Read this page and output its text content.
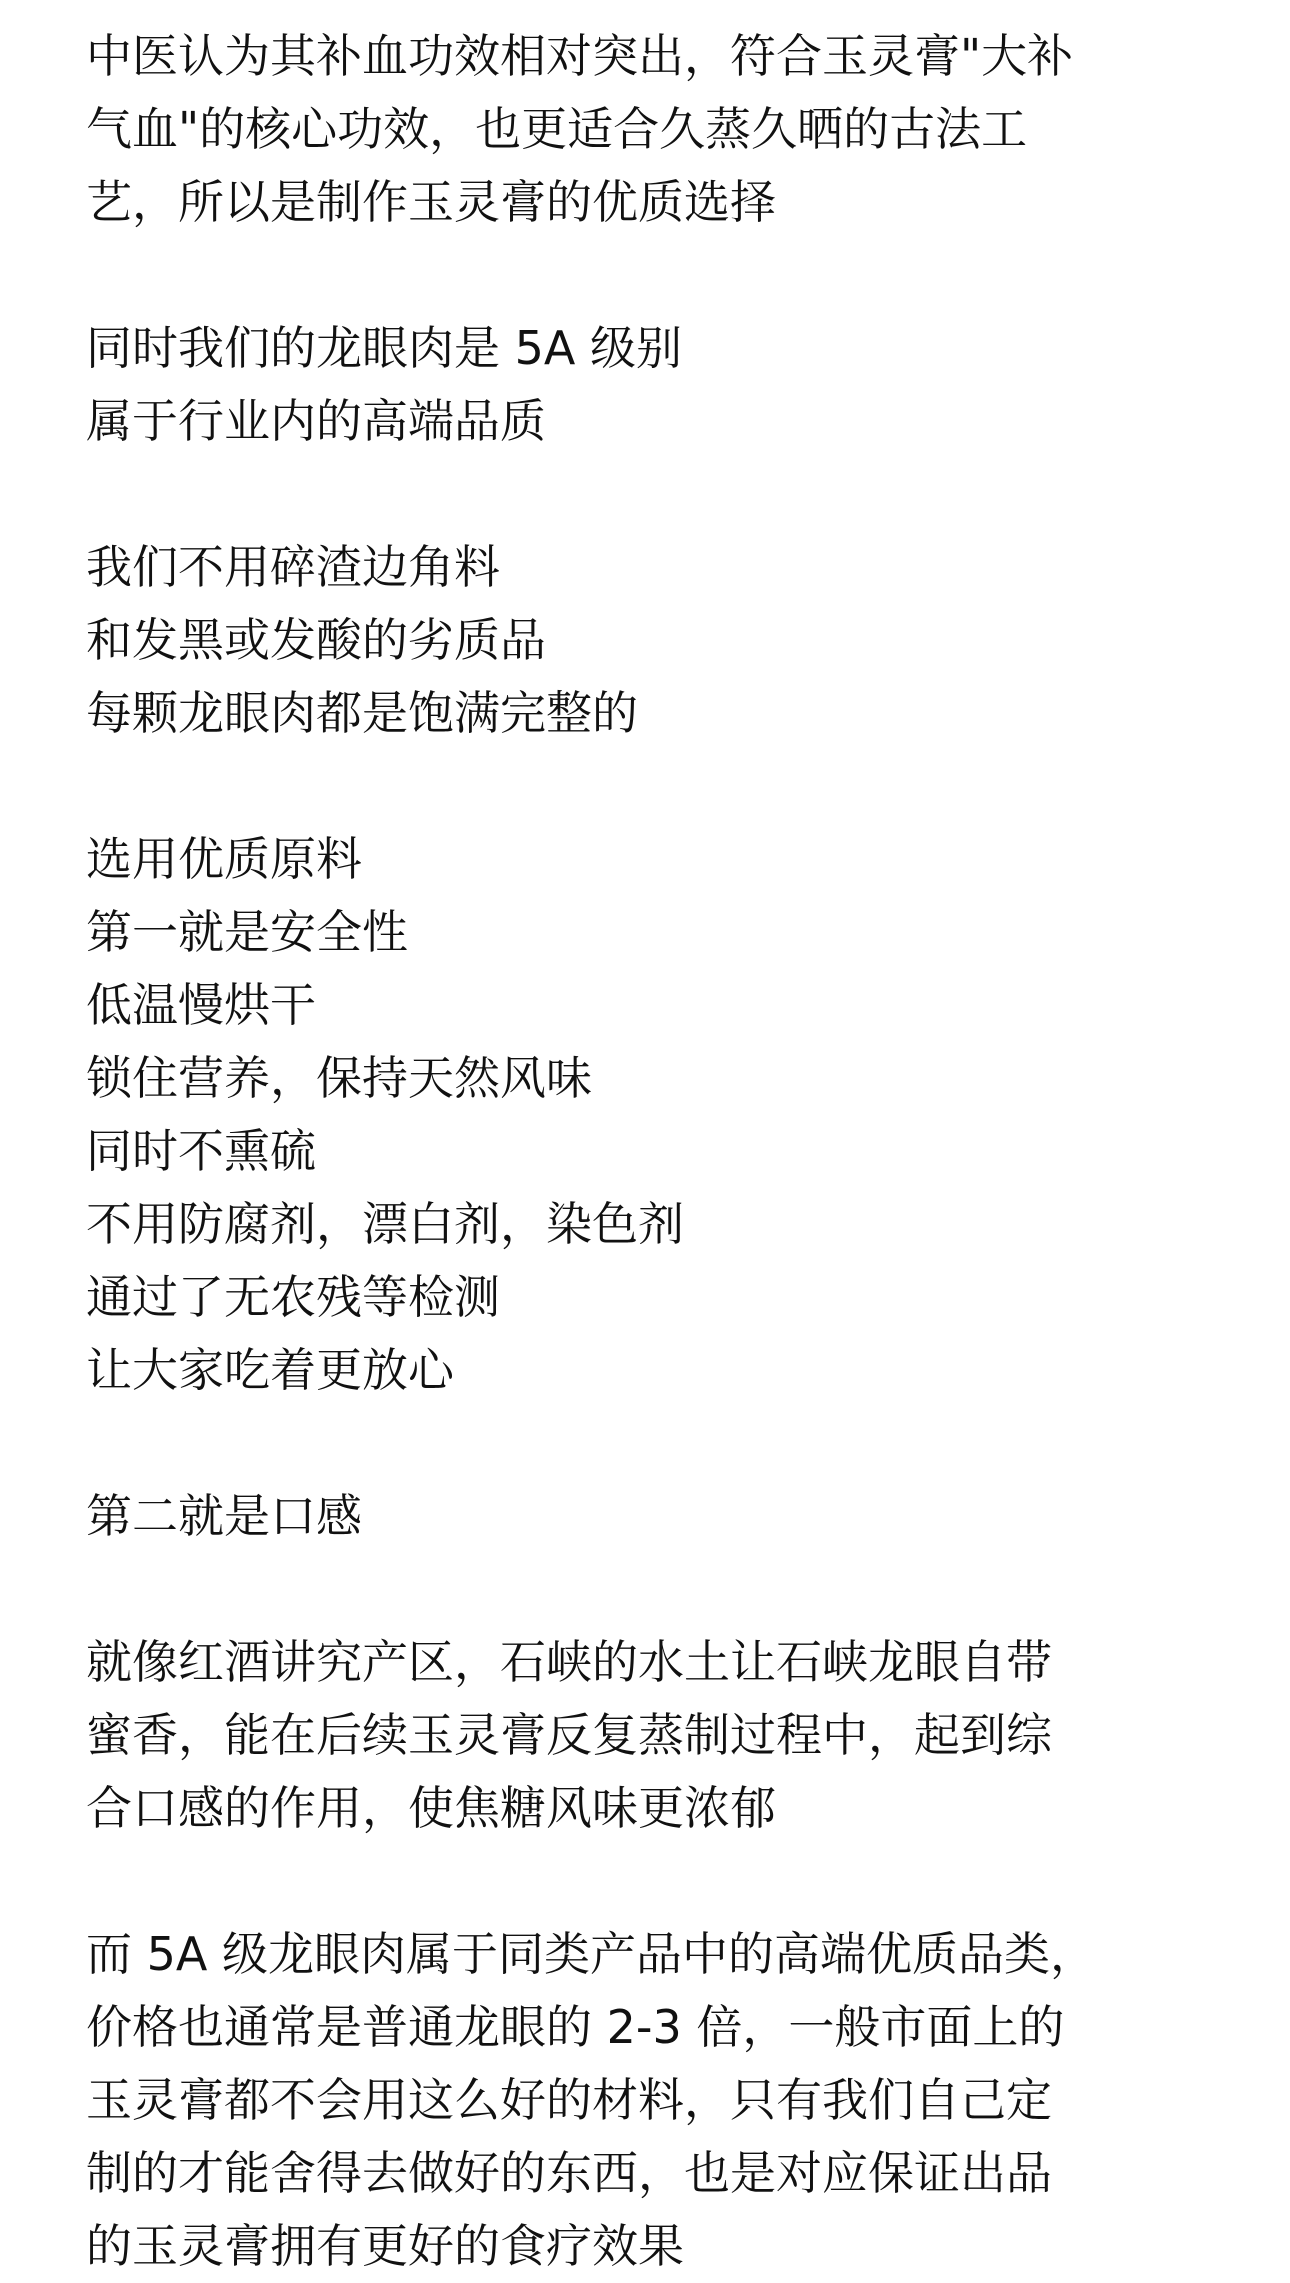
中医认为其补血功效相对突出，符合玉灵膏"大补
气血"的核心功效，也更适合久蒸久晒的古法工
艺，所以是制作玉灵膏的优质选择
同时我们的龙眼肉是 5A 级别
属于行业内的高端品质
我们不用碎渣边角料
和发黑或发酸的劣质品
每颗龙眼肉都是饱满完整的
选用优质原料
第一就是安全性
低温慢烘干
锁住营养，保持天然风味
同时不熏硫
不用防腐剂，漂白剂，染色剂
通过了无农残等检测
让大家吃着更放心
第二就是口感
就像红酒讲究产区，石峡的水土让石峡龙眼自带
蜜香，能在后续玉灵膏反复蒸制过程中，起到综
合口感的作用，使焦糖风味更浓郁
而 5A 级龙眼肉属于同类产品中的高端优质品类，
价格也通常是普通龙眼的 2-3 倍，一般市面上的
玉灵膏都不会用这么好的材料，只有我们自己定
制的才能舍得去做好的东西，也是对应保证出品
的玉灵膏拥有更好的食疗效果
